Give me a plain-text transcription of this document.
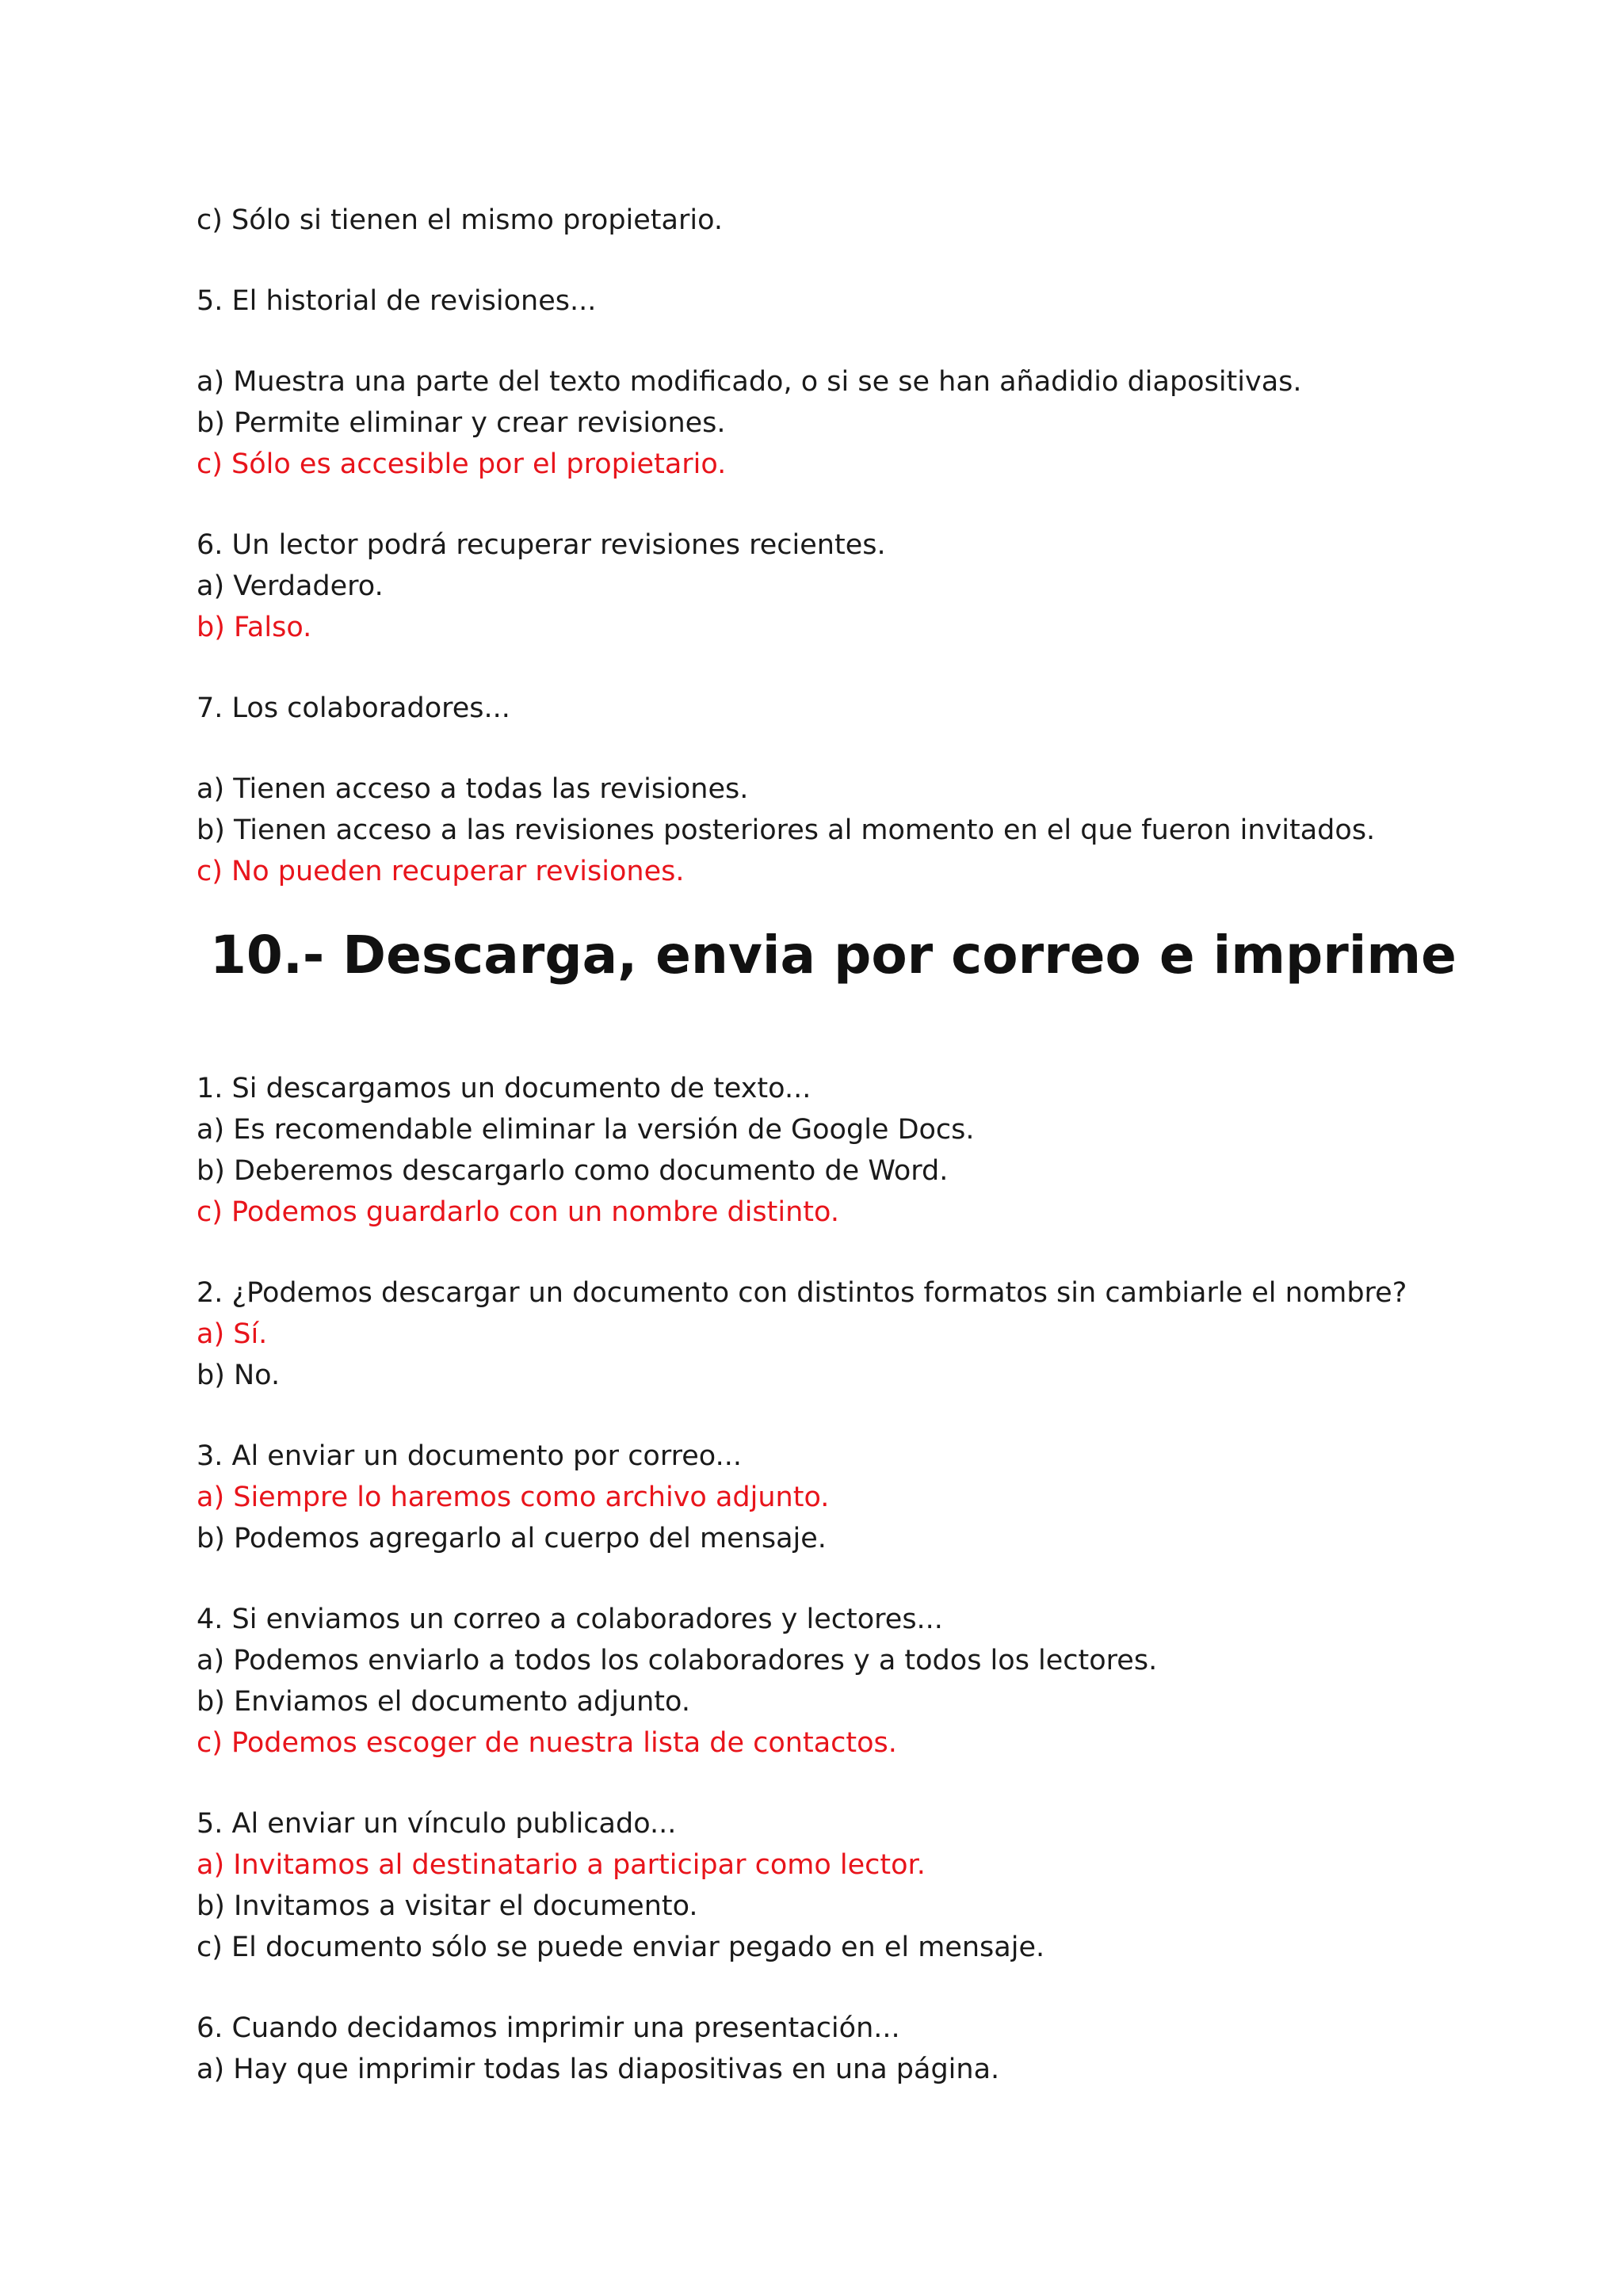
c) Sólo si tienen el mismo propietario.
5. El historial de revisiones...
a) Muestra una parte del texto modificado, o si se se han añadidio diapositivas.
b) Permite eliminar y crear revisiones.
c) Sólo es accesible por el propietario.
6. Un lector podrá recuperar revisiones recientes.
a) Verdadero.
b) Falso.
7. Los colaboradores...
a) Tienen acceso a todas las revisiones.
b) Tienen acceso a las revisiones posteriores al momento en el que fueron invitados.
c) No pueden recuperar revisiones.
10.- Descarga, envia por correo e imprime
1. Si descargamos un documento de texto...
a) Es recomendable eliminar la versión de Google Docs.
b) Deberemos descargarlo como documento de Word.
c) Podemos guardarlo con un nombre distinto.
2. ¿Podemos descargar un documento con distintos formatos sin cambiarle el nombre?
a) Sí.
b) No.
3. Al enviar un documento por correo...
a) Siempre lo haremos como archivo adjunto.
b) Podemos agregarlo al cuerpo del mensaje.
4. Si enviamos un correo a colaboradores y lectores...
a) Podemos enviarlo a todos los colaboradores y a todos los lectores.
b) Enviamos el documento adjunto.
c) Podemos escoger de nuestra lista de contactos.
5. Al enviar un vínculo publicado...
a) Invitamos al destinatario a participar como lector.
b) Invitamos a visitar el documento.
c) El documento sólo se puede enviar pegado en el mensaje.
6. Cuando decidamos imprimir una presentación...
a) Hay que imprimir todas las diapositivas en una página.
